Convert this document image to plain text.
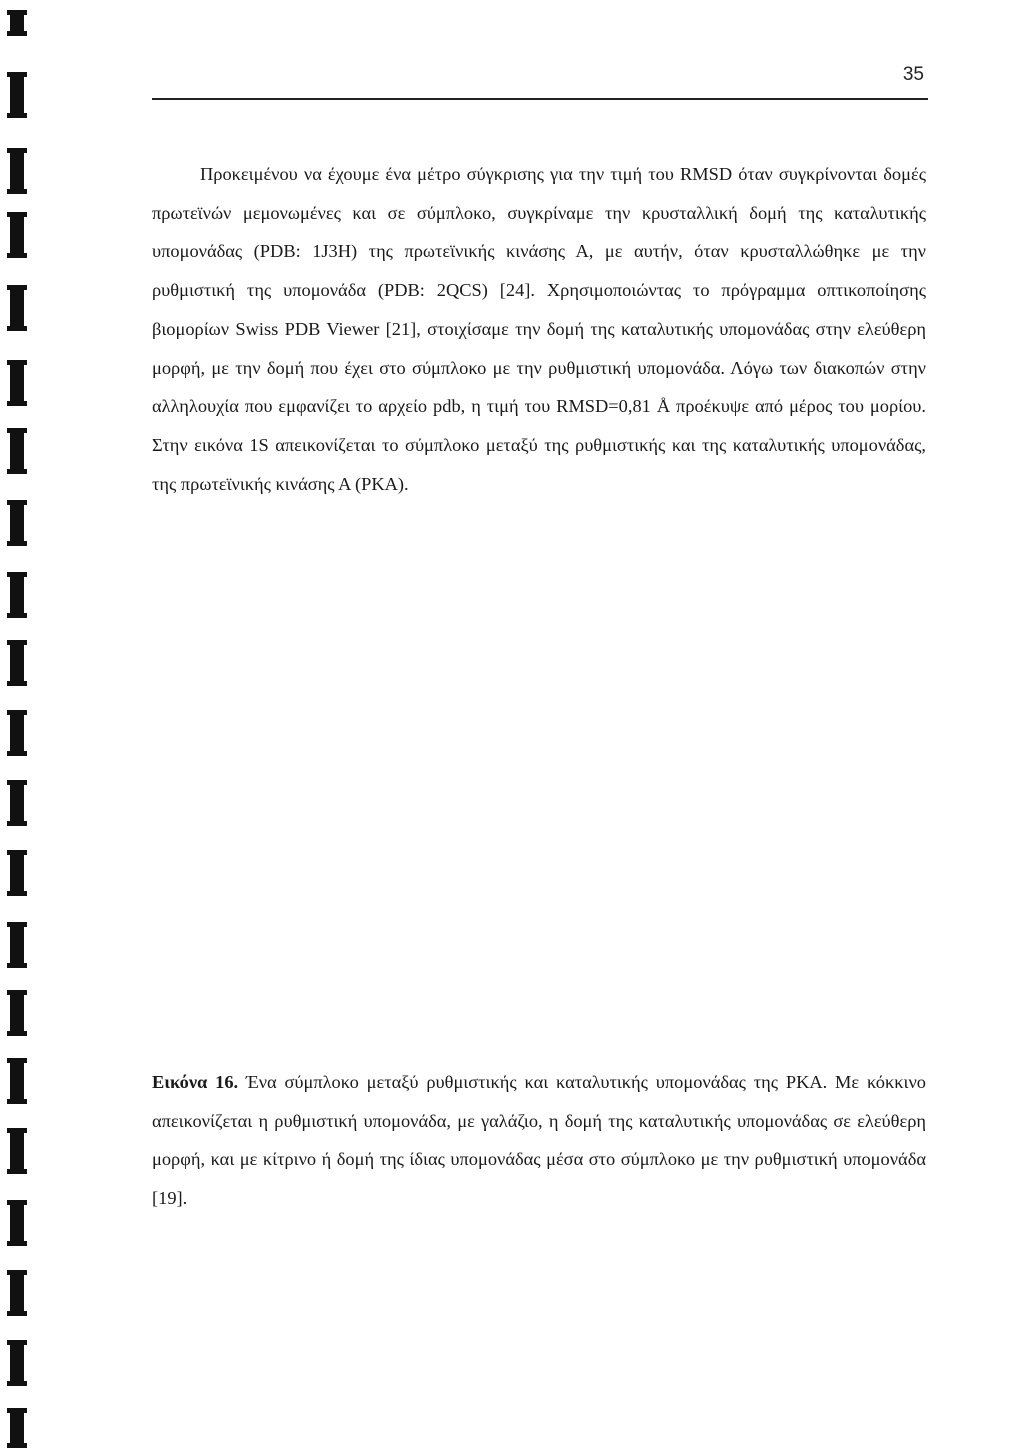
35

Προκειμένου να έχουμε ένα μέτρο σύγκρισης για την τιμή του RMSD όταν συγκρίνονται δομές πρωτεϊνών μεμονωμένες και σε σύμπλοκο, συγκρίναμε την κρυσταλλική δομή της καταλυτικής υπομονάδας (PDB: 1J3H) της πρωτεϊνικής κινάσης Α, με αυτήν, όταν κρυσταλλώθηκε με την ρυθμιστική της υπομονάδα (PDB: 2QCS) [24]. Χρησιμοποιώντας το πρόγραμμα οπτικοποίησης βιομορίων Swiss PDB Viewer [21], στοιχίσαμε την δομή της καταλυτικής υπομονάδας στην ελεύθερη μορφή, με την δομή που έχει στο σύμπλοκο με την ρυθμιστική υπομονάδα. Λόγω των διακοπών στην αλληλουχία που εμφανίζει το αρχείο pdb, η τιμή του RMSD=0,81 Å προέκυψε από μέρος του μορίου. Στην εικόνα 1S απεικονίζεται το σύμπλοκο μεταξύ της ρυθμιστικής και της καταλυτικής υπομονάδας, της πρωτεϊνικής κινάσης Α (PKA).

Εικόνα 16. Ένα σύμπλοκο μεταξύ ρυθμιστικής και καταλυτικής υπομονάδας της PKA. Με κόκκινο απεικονίζεται η ρυθμιστική υπομονάδα, με γαλάζιο, η δομή της καταλυτικής υπομονάδας σε ελεύθερη μορφή, και με κίτρινο ή δομή της ίδιας υπομονάδας μέσα στο σύμπλοκο με την ρυθμιστική υπομονάδα [19].
